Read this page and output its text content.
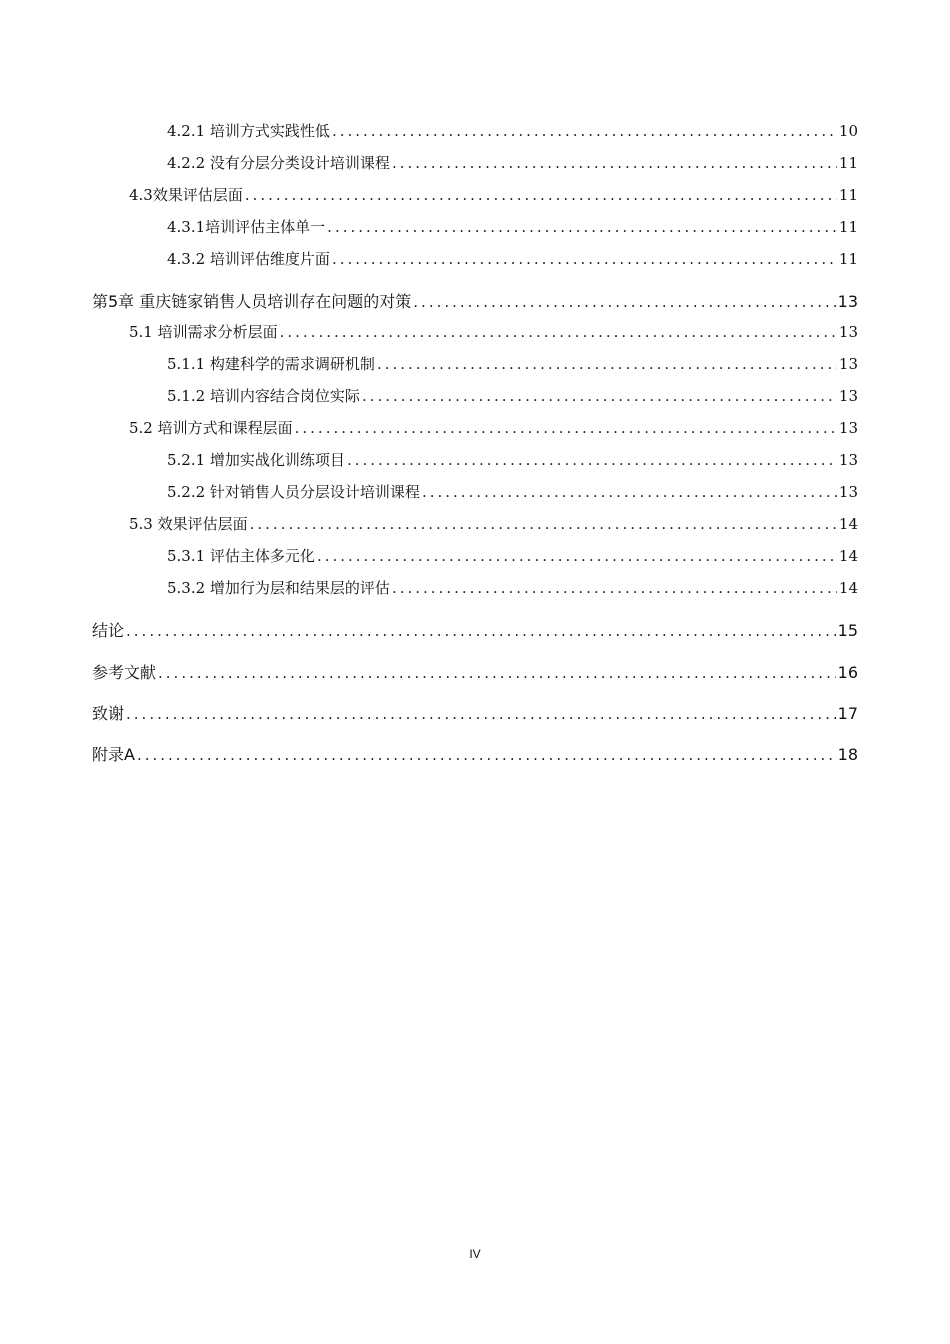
4.2.1 培训方式实践性低 .....	10
4.2.2 没有分层分类设计培训课程 .....	11
4.3效果评估层面 .....	11
4.3.1培训评估主体单一 .....	11
4.3.2 培训评估维度片面 .....	11
第5章 重庆链家销售人员培训存在问题的对策 .....	13
5.1 培训需求分析层面 .....	13
5.1.1 构建科学的需求调研机制 .....	13
5.1.2 培训内容结合岗位实际 .....	13
5.2 培训方式和课程层面 .....	13
5.2.1 增加实战化训练项目 .....	13
5.2.2 针对销售人员分层设计培训课程 .....	13
5.3 效果评估层面 .....	14
5.3.1 评估主体多元化 .....	14
5.3.2 增加行为层和结果层的评估 .....	14
结论 .....	15
参考文献 .....	16
致谢 .....	17
附录A .....	18
IV
